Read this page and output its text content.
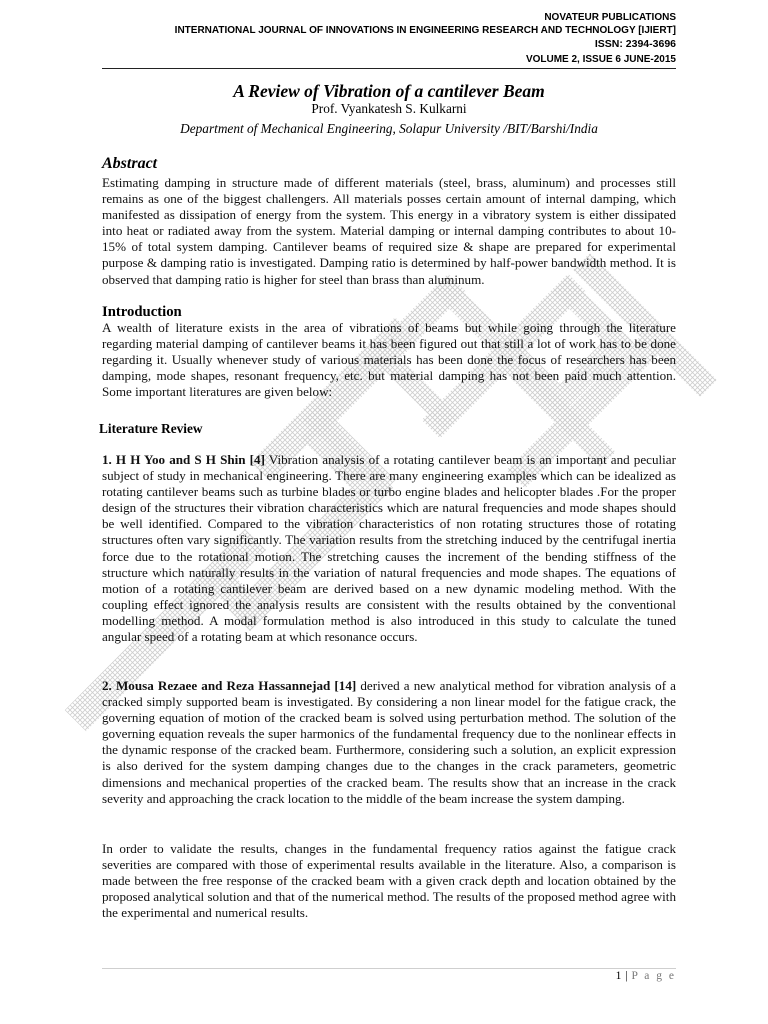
NOVATEUR PUBLICATIONS
INTERNATIONAL JOURNAL OF INNOVATIONS IN ENGINEERING RESEARCH AND TECHNOLOGY [IJIERT]
ISSN: 2394-3696
VOLUME 2, ISSUE 6 JUNE-2015
A Review of Vibration of a cantilever Beam
Prof. Vyankatesh S. Kulkarni
Department of Mechanical Engineering, Solapur University /BIT/Barshi/India
Abstract

Estimating damping in structure made of different materials (steel, brass, aluminum) and processes still remains as one of the biggest challengers. All materials posses certain amount of internal damping, which manifested as dissipation of energy from the system. This energy in a vibratory system is either dissipated into heat or radiated away from the system. Material damping or internal damping contributes to about 10-15% of total system damping. Cantilever beams of required size & shape are prepared for experimental purpose & damping ratio is investigated. Damping ratio is determined by half-power bandwidth method. It is observed that damping ratio is higher for steel than brass than aluminum.

Introduction

A wealth of literature exists in the area of vibrations of beams but while going through the literature regarding material damping of cantilever beams it has been figured out that still a lot of work has to be done regarding it. Usually whenever study of various materials has been done the focus of researchers has been damping, mode shapes, resonant frequency, etc. but material damping has not been paid much attention. Some important literatures are given below:

Literature Review

1. H H Yoo and S H Shin [4] Vibration analysis of a rotating cantilever beam is an important and peculiar subject of study in mechanical engineering. There are many engineering examples which can be idealized as rotating cantilever beams such as turbine blades or turbo engine blades and helicopter blades .For the proper design of the structures their vibration characteristics which are natural frequencies and mode shapes should be well identified. Compared to the vibration characteristics of non rotating structures those of rotating structures often vary significantly. The variation results from the stretching induced by the centrifugal inertia force due to the rotational motion. The stretching causes the increment of the bending stiffness of the structure which naturally results in the variation of natural frequencies and mode shapes. The equations of motion of a rotating cantilever beam are derived based on a new dynamic modeling method. With the coupling effect ignored the analysis results are consistent with the results obtained by the conventional modelling method. A modal formulation method is also introduced in this study to calculate the tuned angular speed of a rotating beam at which resonance occurs.

2. Mousa Rezaee and Reza Hassannejad [14] derived a new analytical method for vibration analysis of a cracked simply supported beam is investigated. By considering a non linear model for the fatigue crack, the governing equation of motion of the cracked beam is solved using perturbation method. The solution of the governing equation reveals the super harmonics of the fundamental frequency due to the nonlinear effects in the dynamic response of the cracked beam. Furthermore, considering such a solution, an explicit expression is also derived for the system damping changes due to the changes in the crack parameters, geometric dimensions and mechanical properties of the cracked beam. The results show that an increase in the crack severity and approaching the crack location to the middle of the beam increase the system damping.

In order to validate the results, changes in the fundamental frequency ratios against the fatigue crack severities are compared with those of experimental results available in the literature. Also, a comparison is made between the free response of the cracked beam with a given crack depth and location obtained by the proposed analytical solution and that of the numerical method. The results of the proposed method agree with the experimental and numerical results.

1 | P a g e
